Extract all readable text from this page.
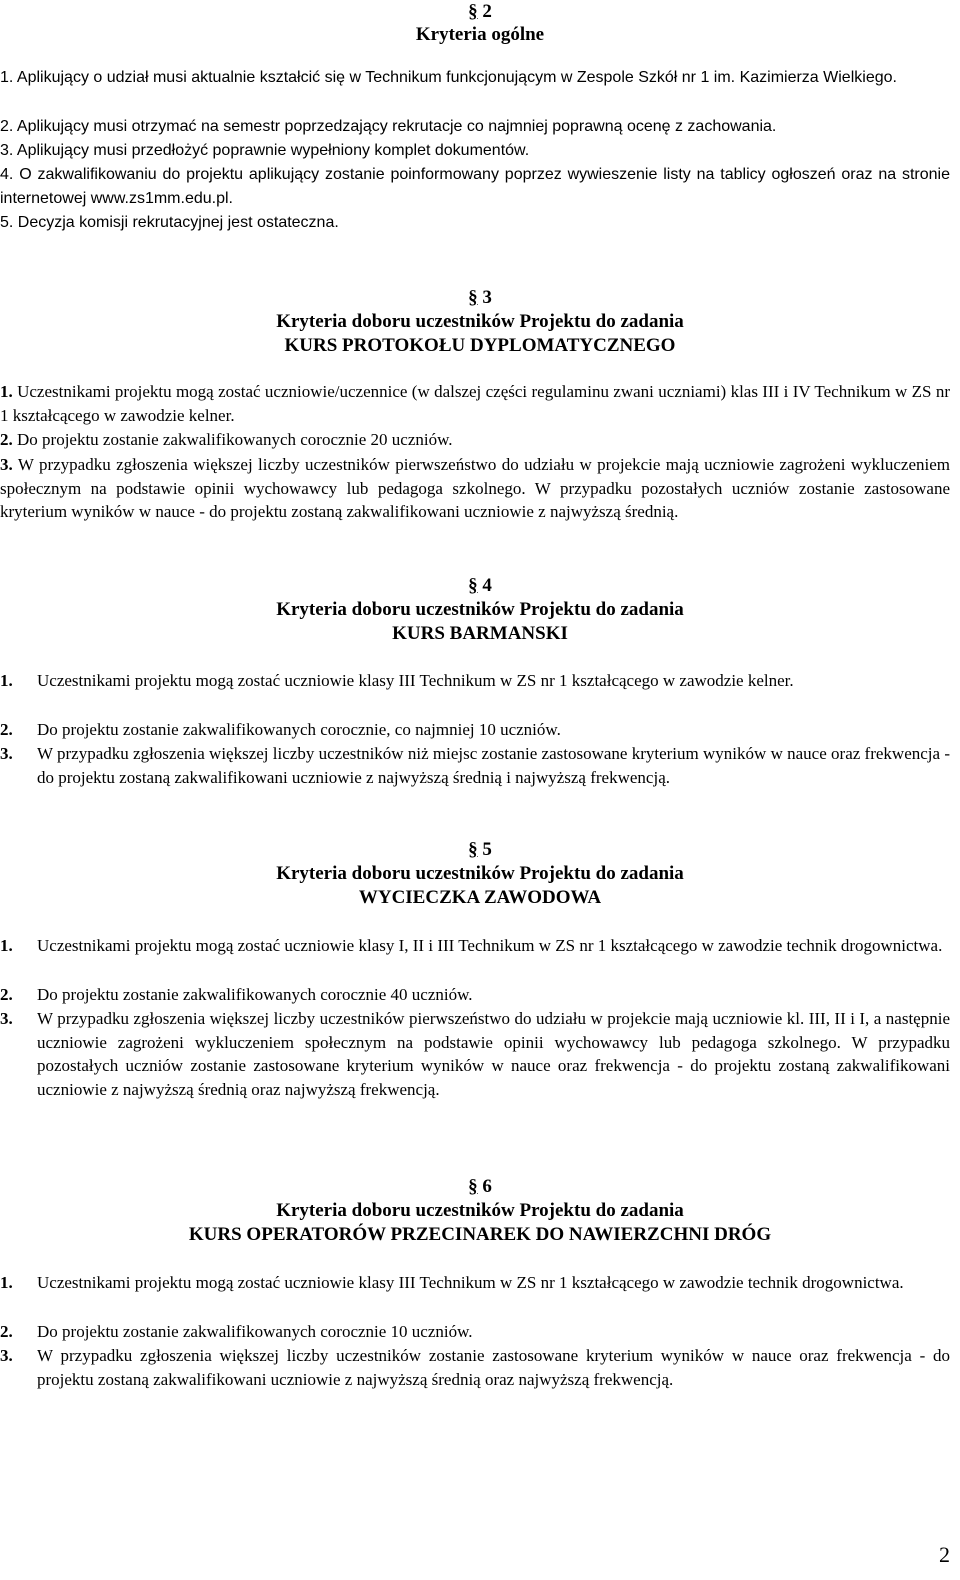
§ 2
Kryteria ogólne
1. Aplikujący o udział musi aktualnie kształcić się w Technikum funkcjonującym w Zespole Szkół nr 1 im. Kazimierza Wielkiego.
2. Aplikujący musi otrzymać na semestr poprzedzający rekrutacje co najmniej poprawną ocenę z zachowania.
3. Aplikujący musi przedłożyć poprawnie wypełniony komplet dokumentów.
4. O zakwalifikowaniu do projektu aplikujący zostanie poinformowany poprzez wywieszenie listy na tablicy ogłoszeń oraz na stronie internetowej www.zs1mm.edu.pl.
5. Decyzja komisji rekrutacyjnej jest ostateczna.
§ 3
Kryteria doboru uczestników Projektu do zadania
KURS PROTOKOŁU DYPLOMATYCZNEGO
1. Uczestnikami projektu mogą zostać uczniowie/uczennice (w dalszej części regulaminu zwani uczniami) klas III i IV Technikum w ZS nr 1 kształcącego w zawodzie kelner.
2. Do projektu zostanie zakwalifikowanych corocznie 20 uczniów.
3. W przypadku zgłoszenia większej liczby uczestników pierwszeństwo do udziału w projekcie mają uczniowie zagrożeni wykluczeniem społecznym na podstawie opinii wychowawcy lub pedagoga szkolnego. W przypadku pozostałych uczniów zostanie zastosowane kryterium wyników w nauce - do projektu zostaną zakwalifikowani uczniowie z najwyższą średnią.
§ 4
Kryteria doboru uczestników Projektu do zadania
KURS BARMANSKI
1. Uczestnikami projektu mogą zostać uczniowie klasy III Technikum w ZS nr 1 kształcącego w zawodzie kelner.
2. Do projektu zostanie zakwalifikowanych corocznie, co najmniej 10 uczniów.
3. W przypadku zgłoszenia większej liczby uczestników niż miejsc zostanie zastosowane kryterium wyników w nauce oraz frekwencja - do projektu zostaną zakwalifikowani uczniowie z najwyższą średnią i najwyższą frekwencją.
§ 5
Kryteria doboru uczestników Projektu do zadania
WYCIECZKA ZAWODOWA
1. Uczestnikami projektu mogą zostać uczniowie klasy I, II i III Technikum w ZS nr 1 kształcącego w zawodzie technik drogownictwa.
2. Do projektu zostanie zakwalifikowanych corocznie 40 uczniów.
3. W przypadku zgłoszenia większej liczby uczestników pierwszeństwo do udziału w projekcie mają uczniowie kl. III, II i I, a następnie uczniowie zagrożeni wykluczeniem społecznym na podstawie opinii wychowawcy lub pedagoga szkolnego. W przypadku pozostałych uczniów zostanie zastosowane kryterium wyników w nauce oraz frekwencja - do projektu zostaną zakwalifikowani uczniowie z najwyższą średnią oraz najwyższą frekwencją.
§ 6
Kryteria doboru uczestników Projektu do zadania
KURS OPERATORÓW PRZECINAREK DO NAWIERZCHNI DRÓG
1. Uczestnikami projektu mogą zostać uczniowie klasy III Technikum w ZS nr 1 kształcącego w zawodzie technik drogownictwa.
2. Do projektu zostanie zakwalifikowanych corocznie 10 uczniów.
3. W przypadku zgłoszenia większej liczby uczestników zostanie zastosowane kryterium wyników w nauce oraz frekwencja - do projektu zostaną zakwalifikowani uczniowie z najwyższą średnią oraz najwyższą frekwencją.
2
